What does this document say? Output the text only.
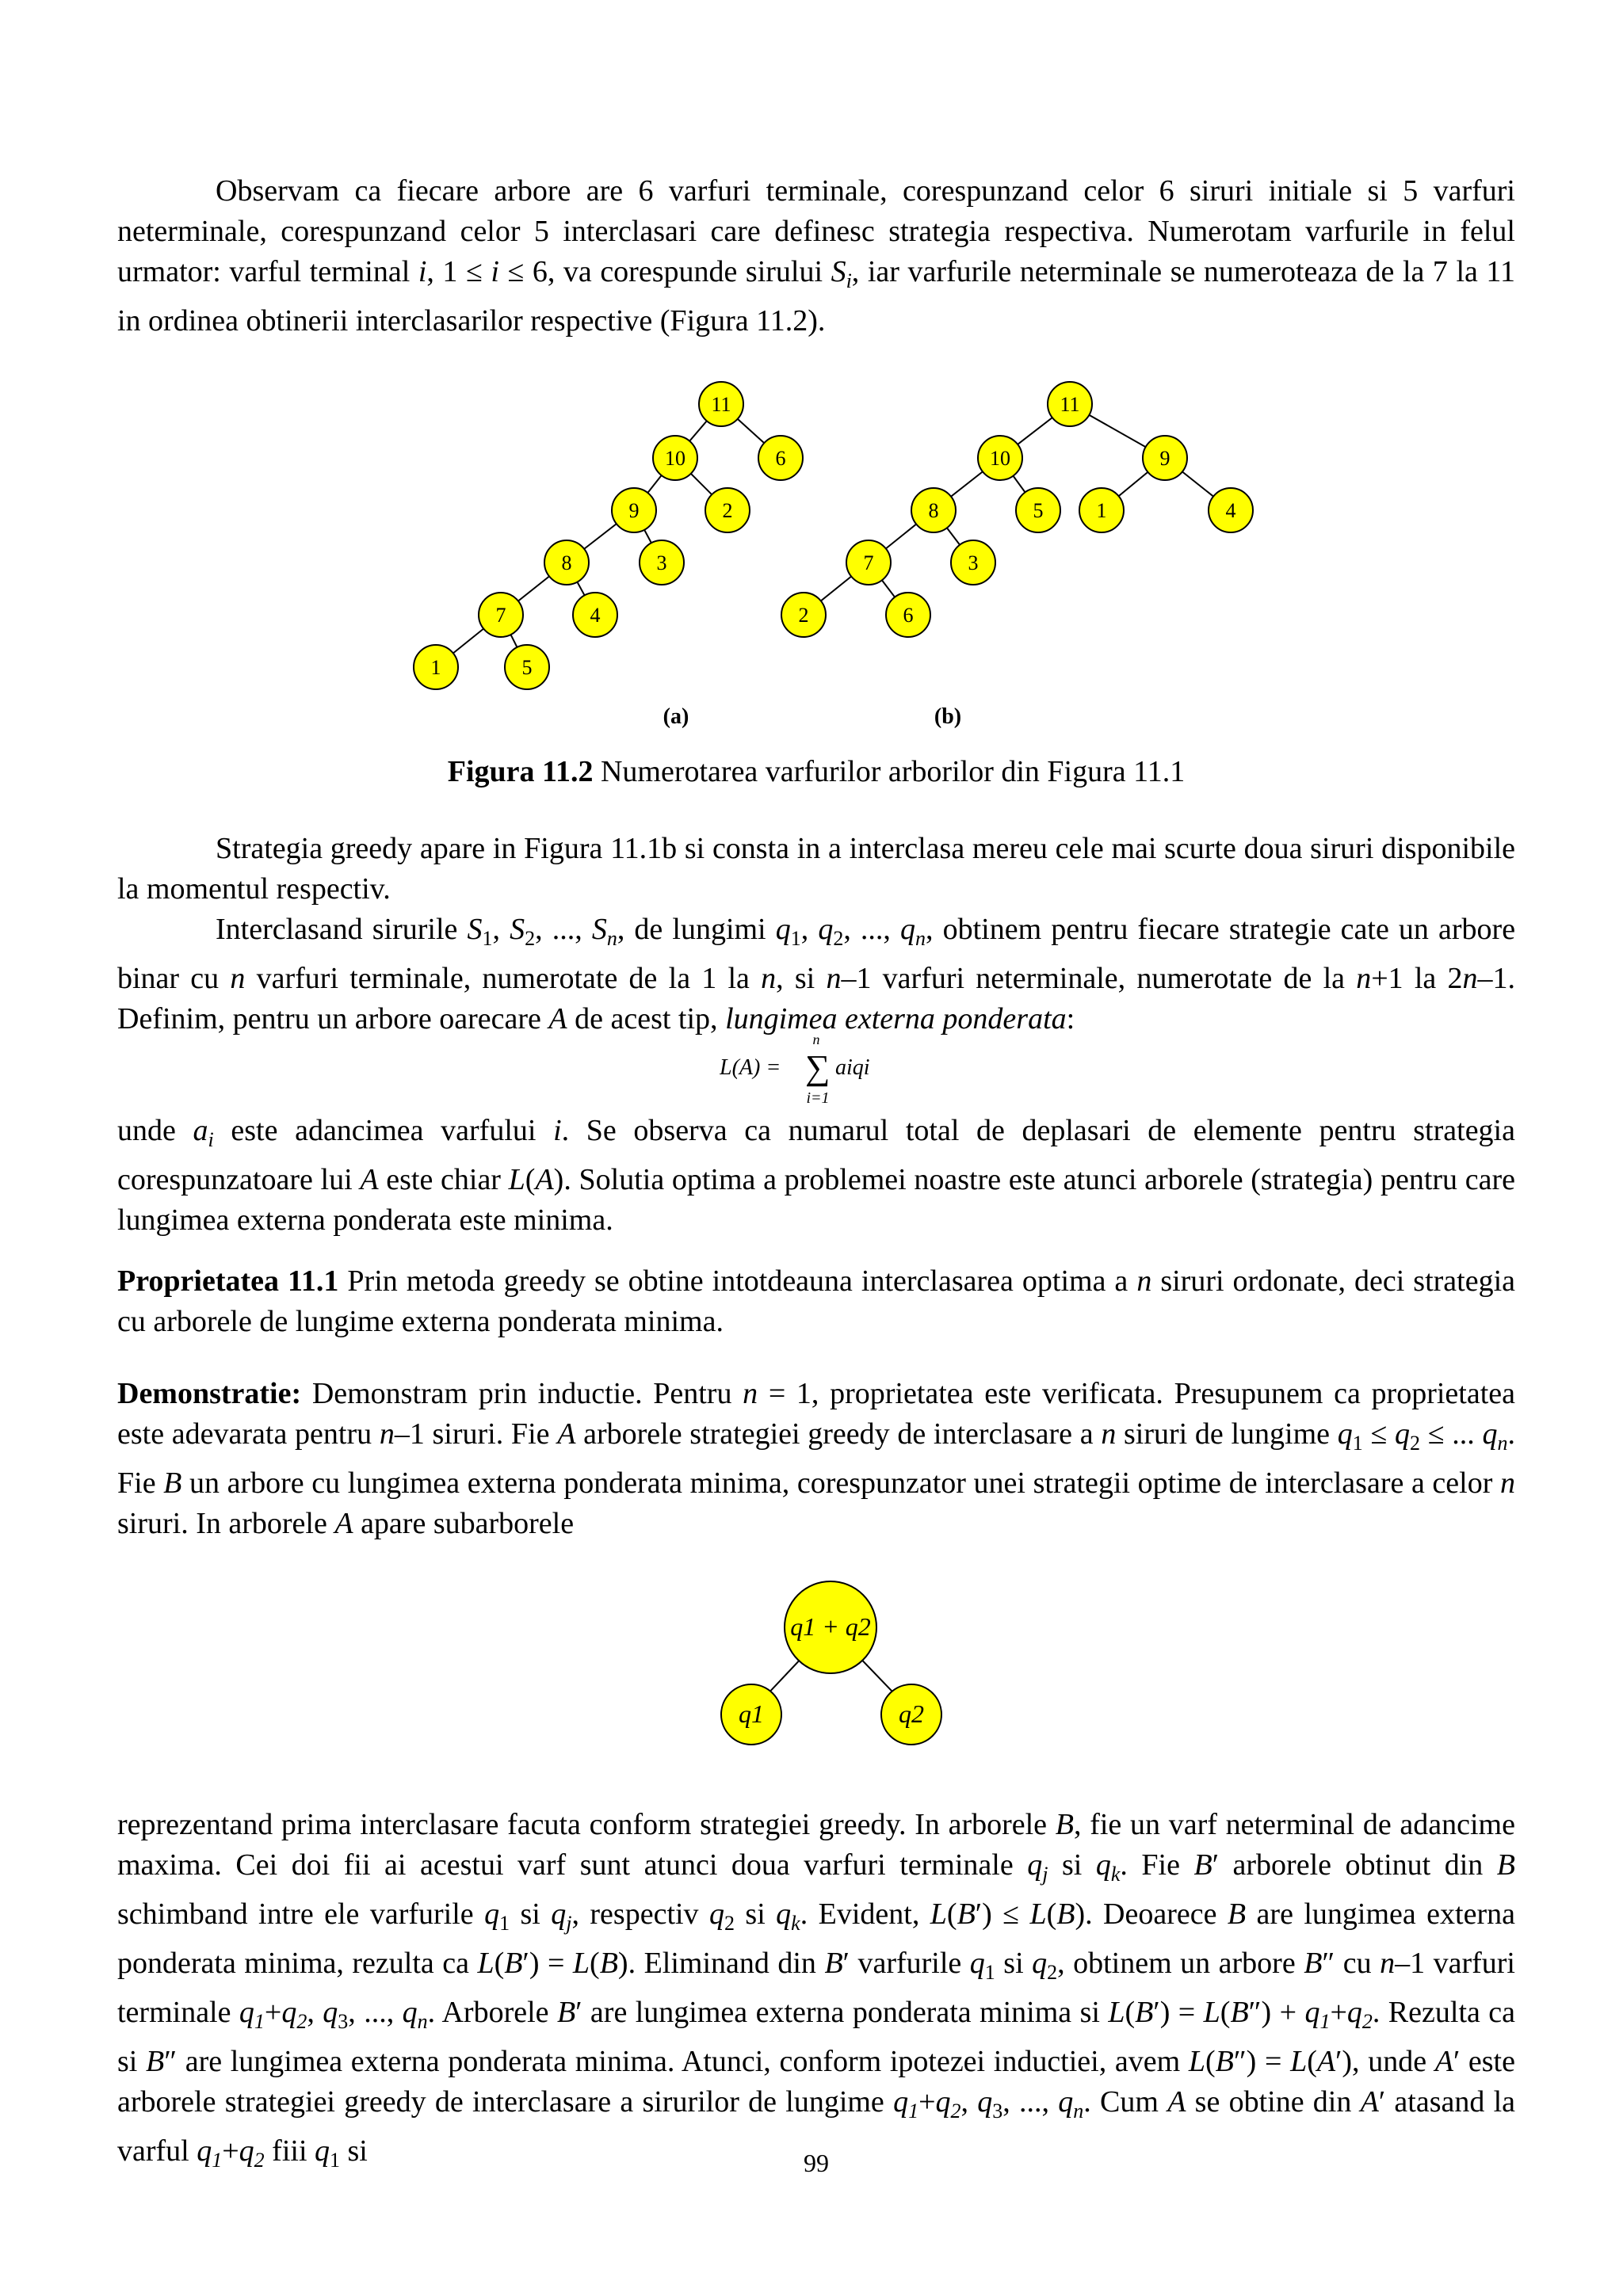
Observam ca fiecare arbore are 6 varfuri terminale, corespunzand celor 6 siruri initiale si 5 varfuri neterminale, corespunzand celor 5 interclasari care definesc strategia respectiva. Numerotam varfurile in felul urmator: varful terminal i, 1 ≤ i ≤ 6, va corespunde sirului $S_i$, iar varfurile neterminale se numeroteaza de la 7 la 11 in ordinea obtinerii interclasarilor respective (Figura 11.2).

11
10	6
9	2
8	3
7	4
1	5
11
10	9
8	5	1	4
7	3
2	6
(a)	(b)
Figura 11.2 Numerotarea varfurilor arborilor din Figura 11.1

Strategia greedy apare in Figura 11.1b si consta in a interclasa mereu cele mai scurte doua siruri disponibile la momentul respectiv.

Interclasand sirurile $S_1$, $S_2$, ..., $S_n$, de lungimi $q_1$, $q_2$, ..., $q_n$, obtinem pentru fiecare strategie cate un arbore binar cu n varfuri terminale, numerotate de la 1 la n, si n–1 varfuri neterminale, numerotate de la n+1 la 2n–1. Definim, pentru un arbore oarecare A de acest tip, lungimea externa ponderata:

L(A) = ∑
n
i=1
aiqi

unde $a_i$ este adancimea varfului i. Se observa ca numarul total de deplasari de elemente pentru strategia corespunzatoare lui A este chiar L(A). Solutia optima a problemei noastre este atunci arborele (strategia) pentru care lungimea externa ponderata este minima.

Proprietatea 11.1 Prin metoda greedy se obtine intotdeauna interclasarea optima a n siruri ordonate, deci strategia cu arborele de lungime externa ponderata minima.

Demonstratie: Demonstram prin inductie. Pentru n = 1, proprietatea este verificata. Presupunem ca proprietatea este adevarata pentru n–1 siruri. Fie A arborele strategiei greedy de interclasare a n siruri de lungime $q_1 \le q_2$ ≤ ... $q_n$. Fie B un arbore cu lungimea externa ponderata minima, corespunzator unei strategii optime de interclasare a celor n siruri. In arborele A apare subarborele

q1 + q2
q1	q2

reprezentand prima interclasare facuta conform strategiei greedy. In arborele B, fie un varf neterminal de adancime maxima. Cei doi fii ai acestui varf sunt atunci doua varfuri terminale $q_j$ si $q_k$. Fie B′ arborele obtinut din B schimband intre ele varfurile $q_1$ si $q_j$, respectiv $q_2$ si $q_k$. Evident, L(B′) ≤ L(B). Deoarece B are lungimea externa ponderata minima, rezulta ca L(B′) = L(B). Eliminand din B′ varfurile $q_1$ si $q_2$, obtinem un arbore B″ cu n–1 varfuri terminale $q_1+q_2$, $q_3$, ..., $q_n$. Arborele B′ are lungimea externa ponderata minima si $L(B') = L(B'') + q_1+q_2$. Rezulta ca si B″ are lungimea externa ponderata minima. Atunci, conform ipotezei inductiei, avem L(B″) = L(A′), unde A′ este arborele strategiei greedy de interclasare a sirurilor de lungime $q_1+q_2$, $q_3$, ..., $q_n$. Cum A se obtine din A′ atasand la varful $q_1+q_2$ fiii $q_1$ si	99
